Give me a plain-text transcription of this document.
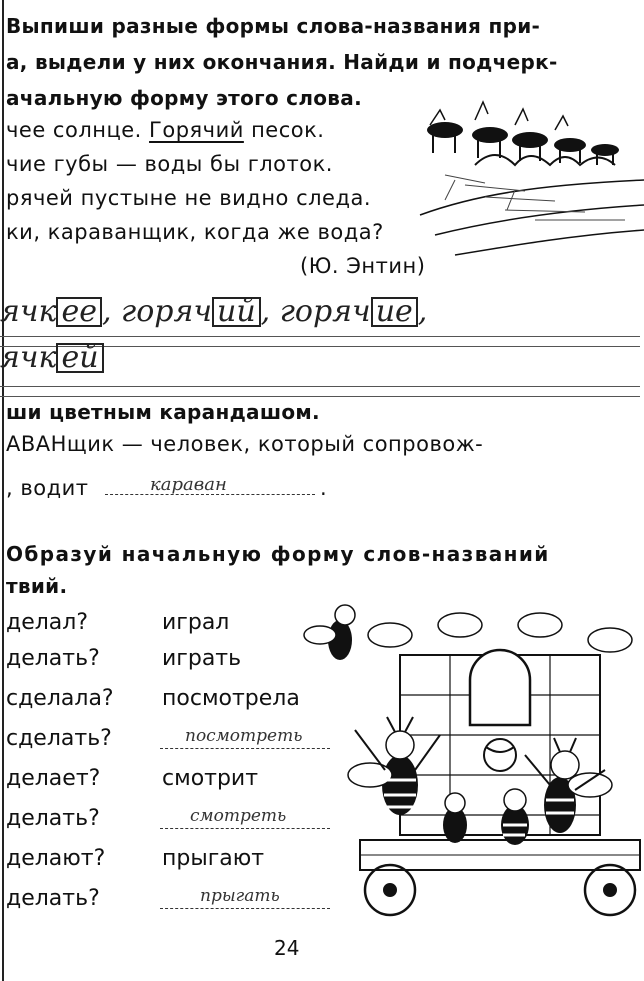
Выпиши разные формы слова-названия при-
а, выдели у них окончания. Найди и подчерк-
ачальную форму этого слова.
чее солнце. Горячий песок.
чие губы — воды бы глоток.
рячей пустыне не видно следа.
ки, караванщик, когда же вода?
(Ю. Энтин)
ячк ее , горяч ий , горяч ие ,
ячк ей
ши цветным карандашом.
АВАНщик — человек, который сопровож-
, водит	караван	.
Образуй начальную форму слов-названий
твий.
делал?	играл
делать?	играть
сделала? посмотрела
сделать?	посмотреть
делает?	смотрит
делать?	смотреть
делают?	прыгают
делать?	прыгать
24
